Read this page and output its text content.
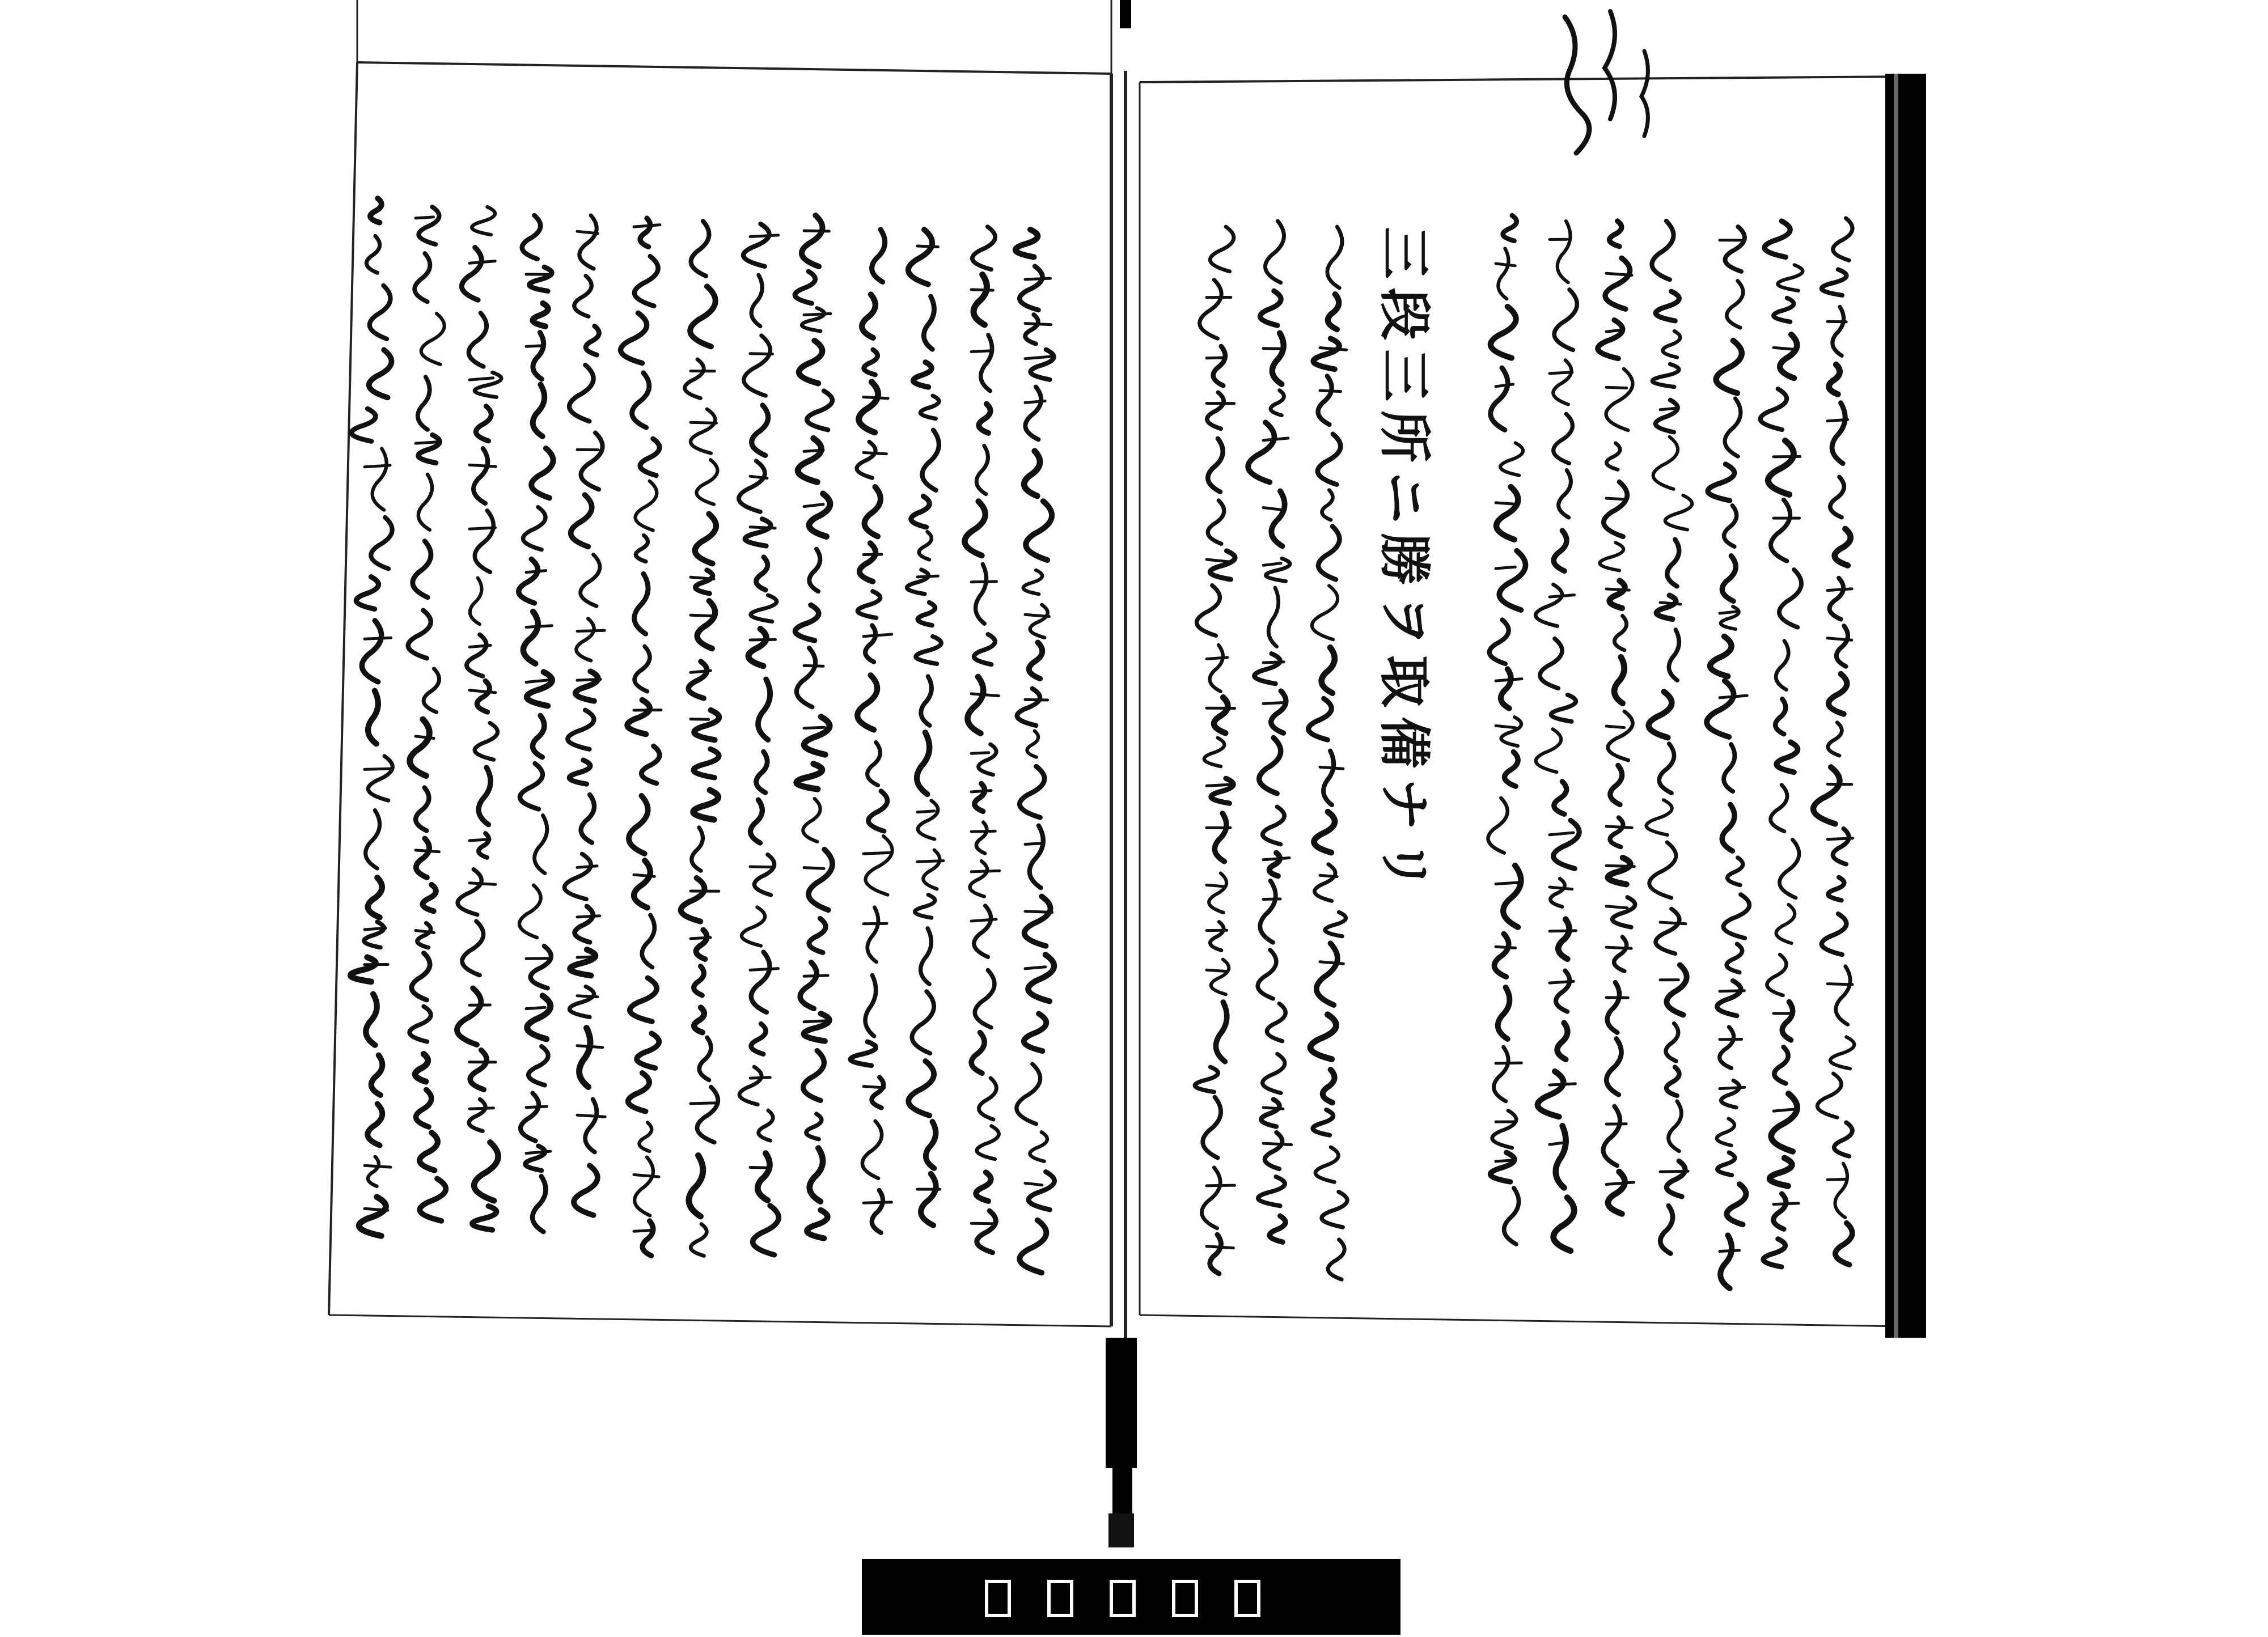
三段三所ニ勝ヲ取備ナリ
